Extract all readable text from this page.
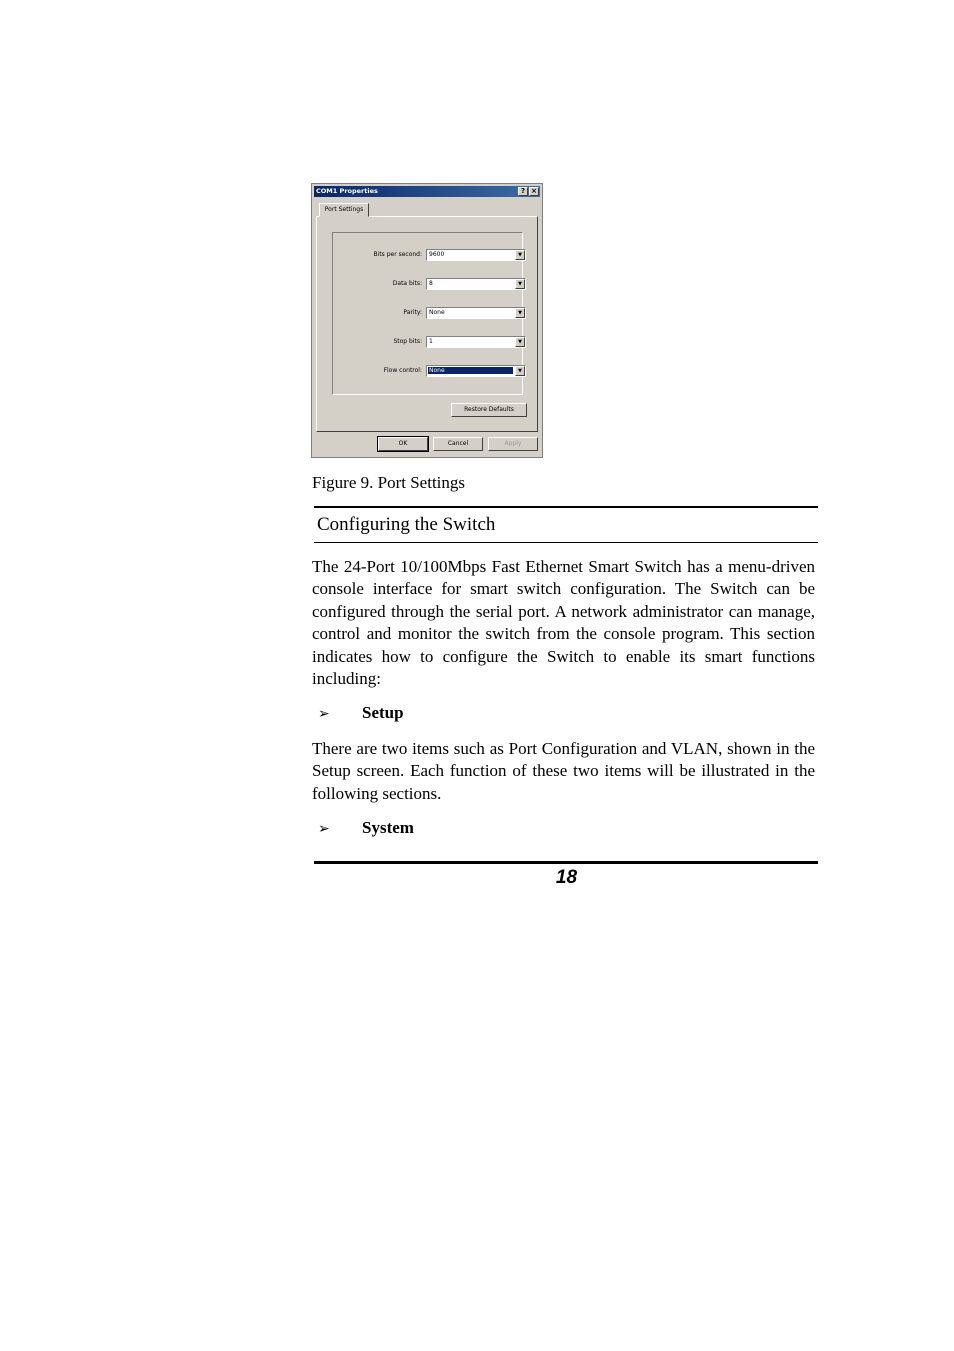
COM1 Properties	? ×
Port Settings
Bits per second: 9600	▼
Data bits: 8	▼
Parity: None	▼
Stop bits: 1	▼
Flow control: None	▼
Restore Defaults
OK	Cancel	Apply
Figure 9. Port Settings
Configuring the Switch

The 24-Port 10/100Mbps Fast Ethernet Smart Switch has a menu-driven console interface for smart switch configuration. The Switch can be configured through the serial port. A network administrator can manage, control and monitor the switch from the console program. This section indicates how to configure the Switch to enable its smart functions including:

➢ Setup

There are two items such as Port Configuration and VLAN, shown in the Setup screen. Each function of these two items will be illustrated in the following sections.

➢ System
18
